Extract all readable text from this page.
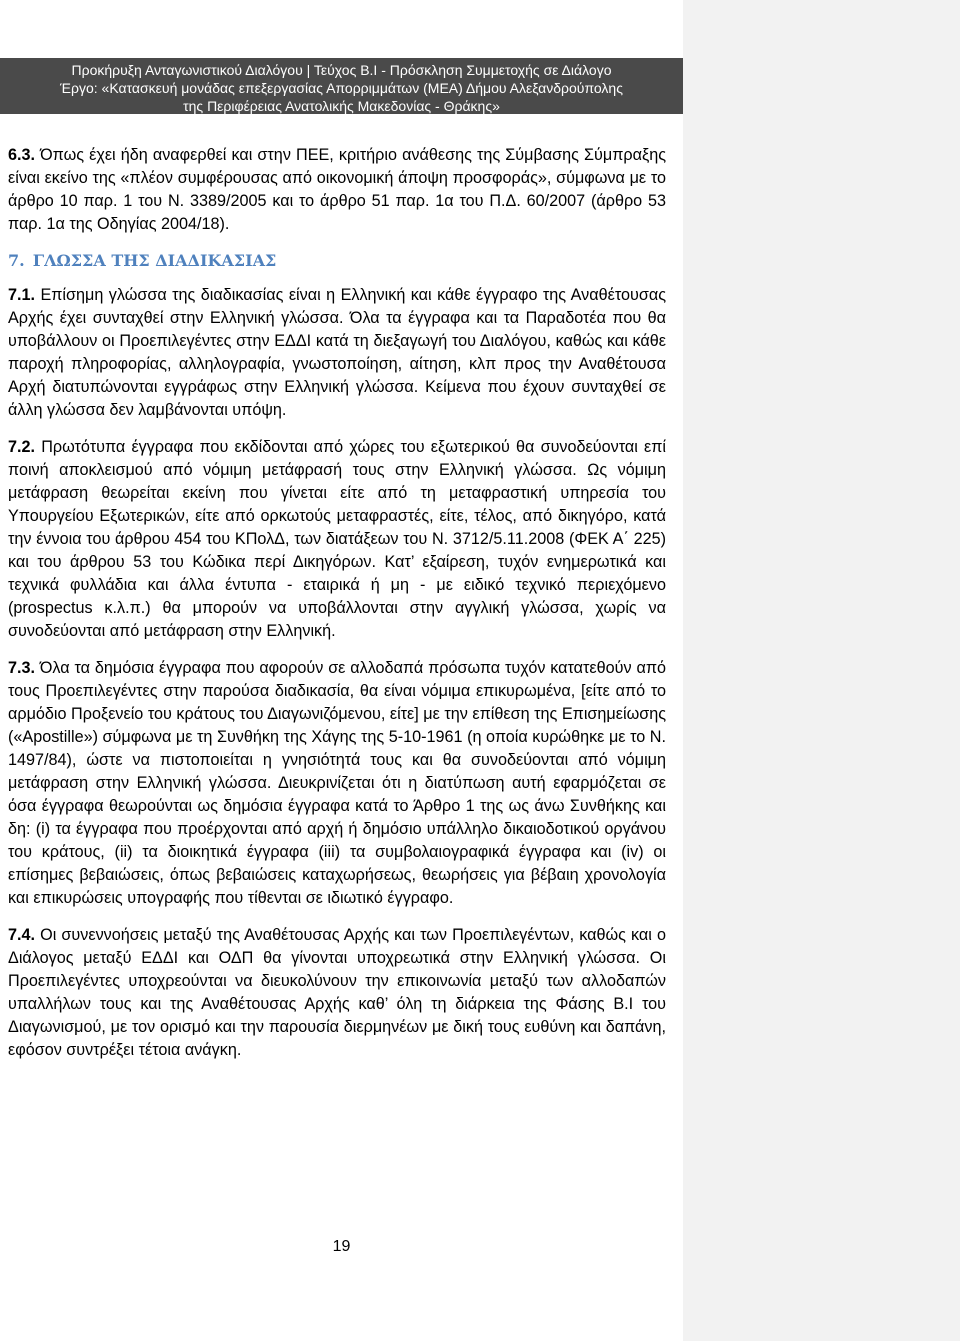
Προκήρυξη Ανταγωνιστικού Διαλόγου | Τεύχος Β.Ι - Πρόσκληση Συμμετοχής σε Διάλογο
Έργο: «Κατασκευή μονάδας επεξεργασίας Απορριμμάτων (ΜΕΑ) Δήμου Αλεξανδρούπολης
της Περιφέρειας Ανατολικής Μακεδονίας - Θράκης»

6.3. Όπως έχει ήδη αναφερθεί και στην ΠΕΕ, κριτήριο ανάθεσης της Σύμβασης Σύμπραξης είναι εκείνο της «πλέον συμφέρουσας από οικονομική άποψη προσφοράς», σύμφωνα με το άρθρο 10 παρ. 1 του Ν. 3389/2005 και το άρθρο 51 παρ. 1α του Π.Δ. 60/2007 (άρθρο 53 παρ. 1α της Οδηγίας 2004/18).

7. ΓΛΩΣΣΑ ΤΗΣ ΔΙΑΔΙΚΑΣΙΑΣ

7.1. Επίσημη γλώσσα της διαδικασίας είναι η Ελληνική και κάθε έγγραφο της Αναθέτουσας Αρχής έχει συνταχθεί στην Ελληνική γλώσσα. Όλα τα έγγραφα και τα Παραδοτέα που θα υποβάλλουν οι Προεπιλεγέντες στην ΕΔΔΙ κατά τη διεξαγωγή του Διαλόγου, καθώς και κάθε παροχή πληροφορίας, αλληλογραφία, γνωστοποίηση, αίτηση, κλπ προς την Αναθέτουσα Αρχή διατυπώνονται εγγράφως στην Ελληνική γλώσσα. Κείμενα που έχουν συνταχθεί σε άλλη γλώσσα δεν λαμβάνονται υπόψη.

7.2. Πρωτότυπα έγγραφα που εκδίδονται από χώρες του εξωτερικού θα συνοδεύονται επί ποινή αποκλεισμού από νόμιμη μετάφρασή τους στην Ελληνική γλώσσα. Ως νόμιμη μετάφραση θεωρείται εκείνη που γίνεται είτε από τη μεταφραστική υπηρεσία του Υπουργείου Εξωτερικών, είτε από ορκωτούς μεταφραστές, είτε, τέλος, από δικηγόρο, κατά την έννοια του άρθρου 454 του ΚΠολΔ, των διατάξεων του Ν. 3712/5.11.2008 (ΦΕΚ Α΄ 225) και του άρθρου 53 του Κώδικα περί Δικηγόρων. Κατ’ εξαίρεση, τυχόν ενημερωτικά και τεχνικά φυλλάδια και άλλα έντυπα - εταιρικά ή μη - με ειδικό τεχνικό περιεχόμενο (prospectus κ.λ.π.) θα μπορούν να υποβάλλονται στην αγγλική γλώσσα, χωρίς να συνοδεύονται από μετάφραση στην Ελληνική.

7.3. Όλα τα δημόσια έγγραφα που αφορούν σε αλλοδαπά πρόσωπα τυχόν κατατεθούν από τους Προεπιλεγέντες στην παρούσα διαδικασία, θα είναι νόμιμα επικυρωμένα, [είτε από το αρμόδιο Προξενείο του κράτους του Διαγωνιζόμενου, είτε] με την επίθεση της Επισημείωσης («Apostille») σύμφωνα με τη Συνθήκη της Χάγης της 5-10-1961 (η οποία κυρώθηκε με το Ν. 1497/84), ώστε να πιστοποιείται η γνησιότητά τους και θα συνοδεύονται από νόμιμη μετάφραση στην Ελληνική γλώσσα. Διευκρινίζεται ότι η διατύπωση αυτή εφαρμόζεται σε όσα έγγραφα θεωρούνται ως δημόσια έγγραφα κατά το Άρθρο 1 της ως άνω Συνθήκης και δη: (i) τα έγγραφα που προέρχονται από αρχή ή δημόσιο υπάλληλο δικαιοδοτικού οργάνου του κράτους, (ii) τα διοικητικά έγγραφα (iii) τα συμβολαιογραφικά έγγραφα και (iv) οι επίσημες βεβαιώσεις, όπως βεβαιώσεις καταχωρήσεως, θεωρήσεις για βέβαιη χρονολογία και επικυρώσεις υπογραφής που τίθενται σε ιδιωτικό έγγραφο.

7.4. Οι συνεννοήσεις μεταξύ της Αναθέτουσας Αρχής και των Προεπιλεγέντων, καθώς και ο Διάλογος μεταξύ ΕΔΔΙ και ΟΔΠ θα γίνονται υποχρεωτικά στην Ελληνική γλώσσα. Οι Προεπιλεγέντες υποχρεούνται να διευκολύνουν την επικοινωνία μεταξύ των αλλοδαπών υπαλλήλων τους και της Αναθέτουσας Αρχής καθ’ όλη τη διάρκεια της Φάσης Β.Ι του Διαγωνισμού, με τον ορισμό και την παρουσία διερμηνέων με δική τους ευθύνη και δαπάνη, εφόσον συντρέξει τέτοια ανάγκη.

19
